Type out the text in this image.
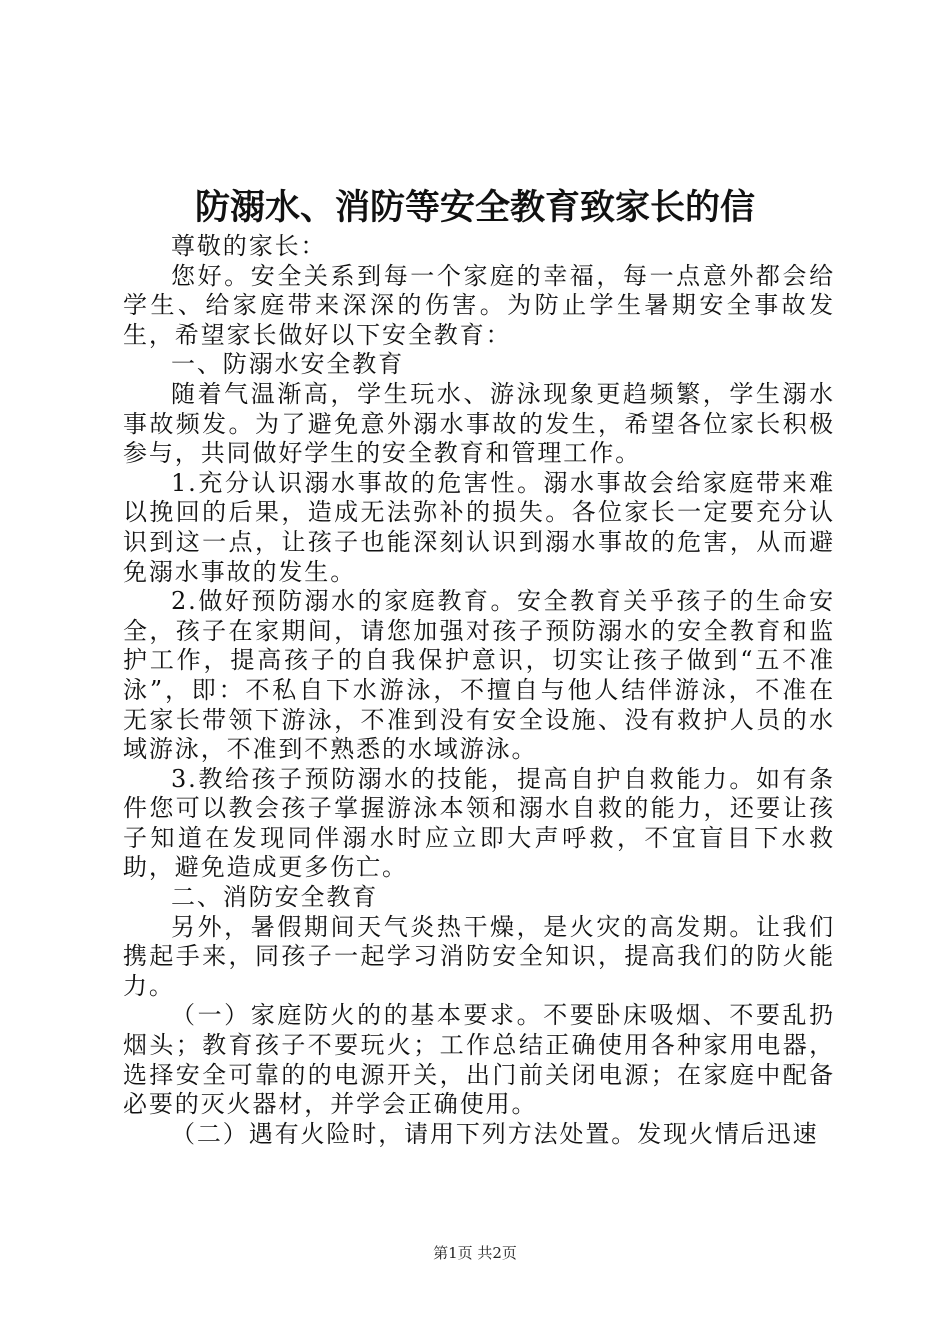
防溺水、消防等安全教育致家长的信

尊敬的家长：

您好。安全关系到每一个家庭的幸福，每一点意外都会给学生、给家庭带来深深的伤害。为防止学生暑期安全事故发生，希望家长做好以下安全教育：

一、防溺水安全教育

随着气温渐高，学生玩水、游泳现象更趋频繁，学生溺水事故频发。为了避免意外溺水事故的发生，希望各位家长积极参与，共同做好学生的安全教育和管理工作。

1.充分认识溺水事故的危害性。溺水事故会给家庭带来难以挽回的后果，造成无法弥补的损失。各位家长一定要充分认识到这一点，让孩子也能深刻认识到溺水事故的危害，从而避免溺水事故的发生。

2.做好预防溺水的家庭教育。安全教育关乎孩子的生命安全，孩子在家期间，请您加强对孩子预防溺水的安全教育和监护工作，提高孩子的自我保护意识，切实让孩子做到“五不准泳”，即：不私自下水游泳，不擅自与他人结伴游泳，不准在无家长带领下游泳，不准到没有安全设施、没有救护人员的水域游泳，不准到不熟悉的水域游泳。

3.教给孩子预防溺水的技能，提高自护自救能力。如有条件您可以教会孩子掌握游泳本领和溺水自救的能力，还要让孩子知道在发现同伴溺水时应立即大声呼救，不宜盲目下水救助，避免造成更多伤亡。

二、消防安全教育

另外，暑假期间天气炎热干燥，是火灾的高发期。让我们携起手来，同孩子一起学习消防安全知识，提高我们的防火能力。

（一）家庭防火的的基本要求。不要卧床吸烟、不要乱扔烟头；教育孩子不要玩火；工作总结正确使用各种家用电器，选择安全可靠的的电源开关，出门前关闭电源；在家庭中配备必要的灭火器材，并学会正确使用。

（二）遇有火险时，请用下列方法处置。发现火情后迅速

第1页 共2页
